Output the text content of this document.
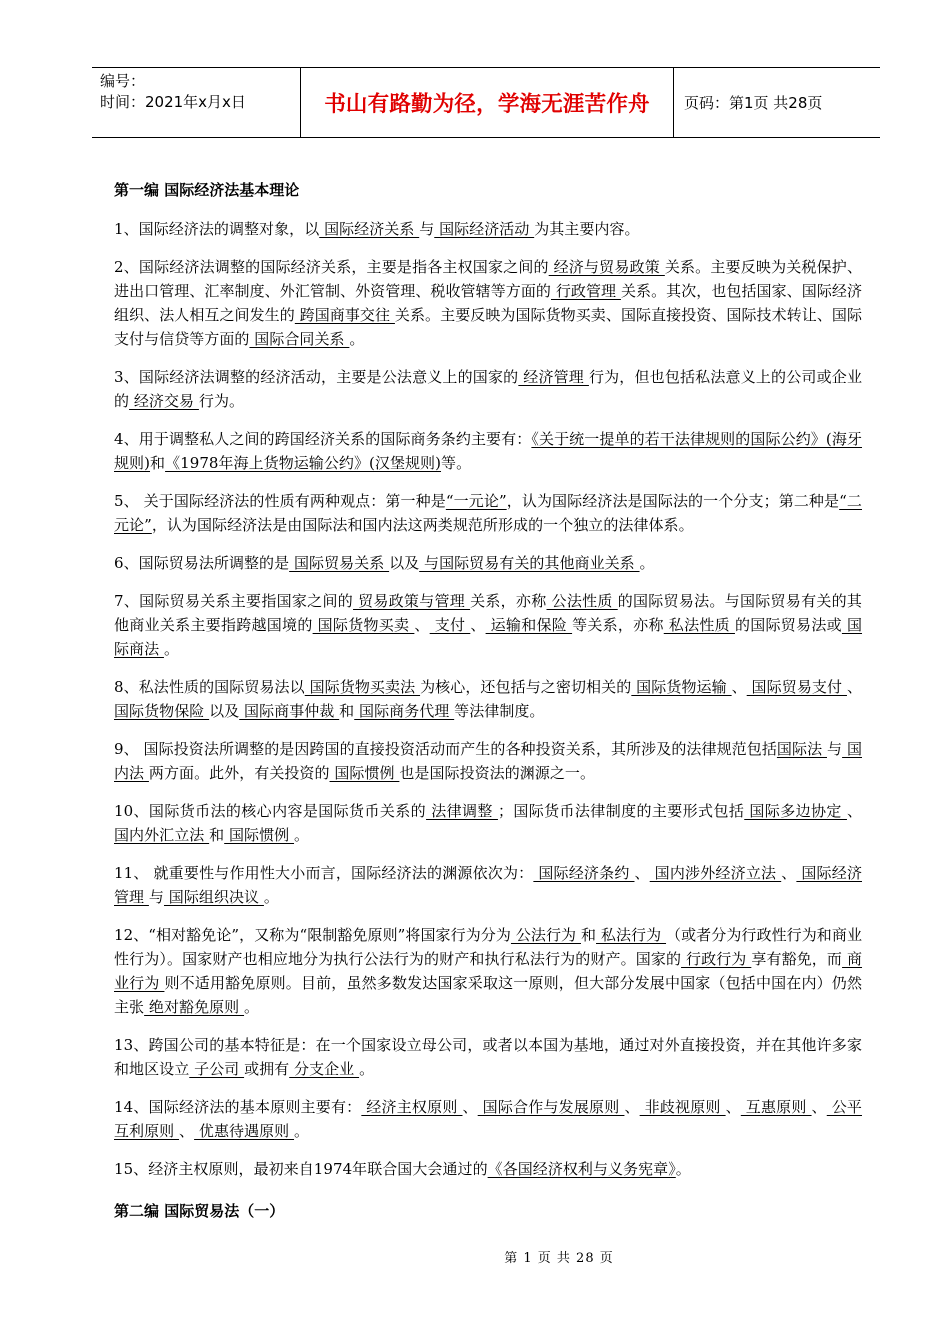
编号：
时间：2021年x月x日	书山有路勤为径，学海无涯苦作舟	页码：第1页 共28页
第一编 国际经济法基本理论
1、国际经济法的调整对象，以 国际经济关系 与 国际经济活动 为其主要内容。
2、国际经济法调整的国际经济关系，主要是指各主权国家之间的 经济与贸易政策 关系。主要反映为关税保护、进出口管理、汇率制度、外汇管制、外资管理、税收管辖等方面的 行政管理 关系。其次，也包括国家、国际经济组织、法人相互之间发生的 跨国商事交往 关系。主要反映为国际货物买卖、国际直接投资、国际技术转让、国际支付与信贷等方面的 国际合同关系 。
3、国际经济法调整的经济活动，主要是公法意义上的国家的 经济管理 行为，但也包括私法意义上的公司或企业的 经济交易 行为。
4、用于调整私人之间的跨国经济关系的国际商务条约主要有：《关于统一提单的若干法律规则的国际公约》(海牙规则)和《1978年海上货物运输公约》(汉堡规则)等。
5、 关于国际经济法的性质有两种观点：第一种是“一元论”，认为国际经济法是国际法的一个分支；第二种是“二元论”，认为国际经济法是由国际法和国内法这两类规范所形成的一个独立的法律体系。
6、国际贸易法所调整的是 国际贸易关系 以及 与国际贸易有关的其他商业关系 。
7、国际贸易关系主要指国家之间的 贸易政策与管理 关系，亦称 公法性质 的国际贸易法。与国际贸易有关的其他商业关系主要指跨越国境的 国际货物买卖 、 支付 、 运输和保险 等关系，亦称 私法性质 的国际贸易法或 国际商法 。
8、私法性质的国际贸易法以 国际货物买卖法 为核心，还包括与之密切相关的 国际货物运输 、 国际贸易支付 、 国际货物保险 以及 国际商事仲裁 和 国际商务代理 等法律制度。
9、 国际投资法所调整的是因跨国的直接投资活动而产生的各种投资关系，其所涉及的法律规范包括国际法 与 国内法 两方面。此外，有关投资的 国际惯例 也是国际投资法的渊源之一。
10、国际货币法的核心内容是国际货币关系的 法律调整 ；国际货币法律制度的主要形式包括 国际多边协定 、 国内外汇立法 和 国际惯例 。
11、 就重要性与作用性大小而言，国际经济法的渊源依次为： 国际经济条约 、 国内涉外经济立法 、 国际经济管理 与 国际组织决议 。
12、“相对豁免论”，又称为“限制豁免原则”将国家行为分为 公法行为 和 私法行为 （或者分为行政性行为和商业性行为）。国家财产也相应地分为执行公法行为的财产和执行私法行为的财产。国家的 行政行为 享有豁免，而 商业行为 则不适用豁免原则。目前，虽然多数发达国家采取这一原则，但大部分发展中国家（包括中国在内）仍然主张 绝对豁免原则 。
13、跨国公司的基本特征是：在一个国家设立母公司，或者以本国为基地，通过对外直接投资，并在其他许多家和地区设立 子公司 或拥有 分支企业 。
14、国际经济法的基本原则主要有： 经济主权原则 、 国际合作与发展原则 、 非歧视原则 、 互惠原则 、 公平互利原则 、 优惠待遇原则 。
15、经济主权原则，最初来自1974年联合国大会通过的《各国经济权利与义务宪章》。
第二编 国际贸易法（一）
第 1 页 共 28 页
